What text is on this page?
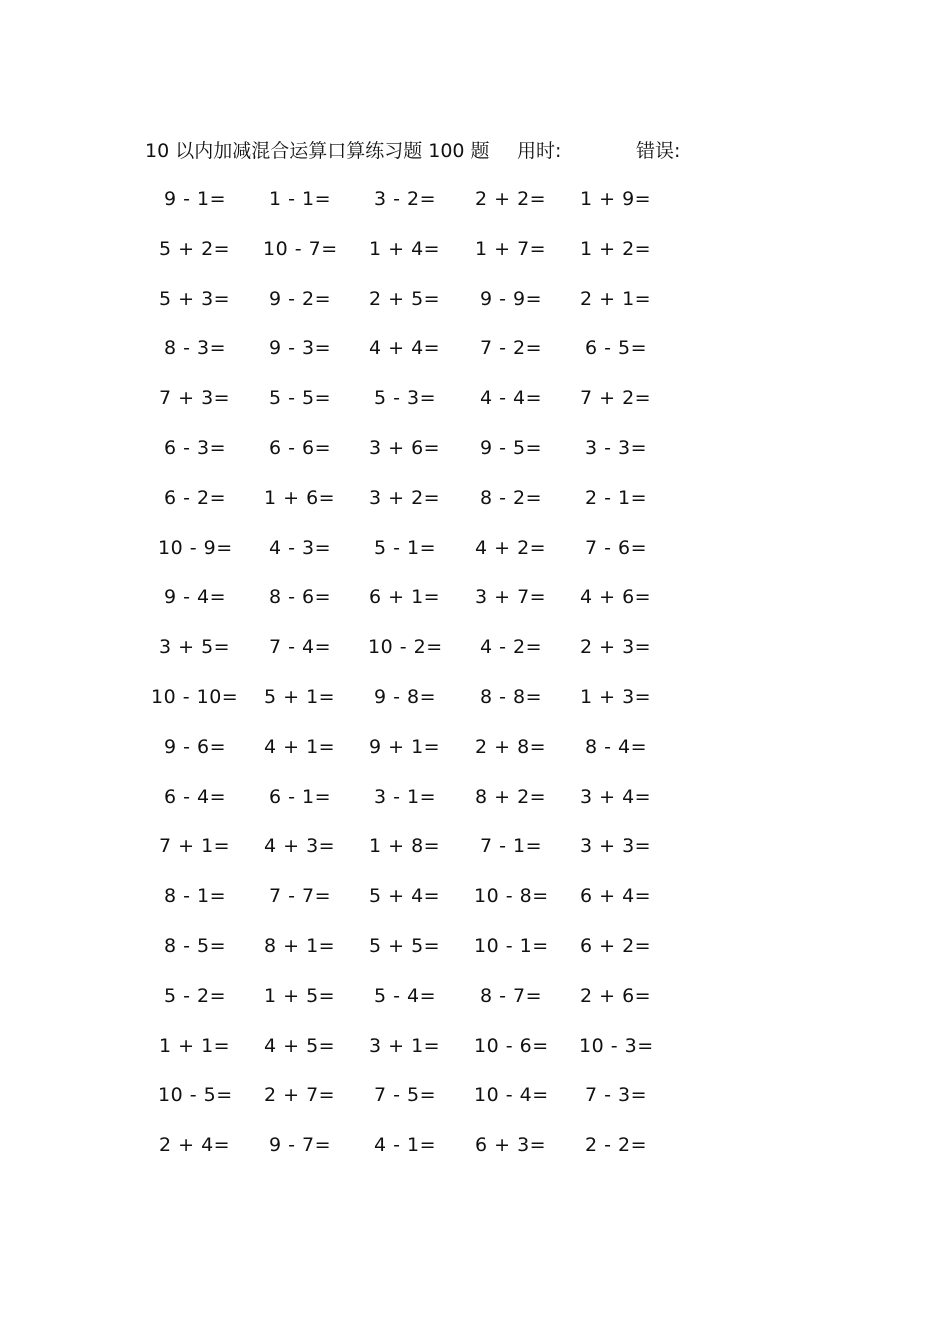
10 以内加减混合运算口算练习题 100 题 用时:	错误:
9 - 1= 1 - 1= 3 - 2= 2 + 2= 1 + 9=
5 + 2= 10 - 7= 1 + 4= 1 + 7= 1 + 2=
5 + 3= 9 - 2= 2 + 5= 9 - 9= 2 + 1=
8 - 3= 9 - 3= 4 + 4= 7 - 2= 6 - 5=
7 + 3= 5 - 5= 5 - 3= 4 - 4= 7 + 2=
6 - 3= 6 - 6= 3 + 6= 9 - 5= 3 - 3=
6 - 2= 1 + 6= 3 + 2= 8 - 2= 2 - 1=
10 - 9= 4 - 3= 5 - 1= 4 + 2= 7 - 6=
9 - 4= 8 - 6= 6 + 1= 3 + 7= 4 + 6=
3 + 5= 7 - 4= 10 - 2= 4 - 2= 2 + 3=
10 - 10= 5 + 1= 9 - 8= 8 - 8= 1 + 3=
9 - 6= 4 + 1= 9 + 1= 2 + 8= 8 - 4=
6 - 4= 6 - 1= 3 - 1= 8 + 2= 3 + 4=
7 + 1= 4 + 3= 1 + 8= 7 - 1= 3 + 3=
8 - 1= 7 - 7= 5 + 4= 10 - 8= 6 + 4=
8 - 5= 8 + 1= 5 + 5= 10 - 1= 6 + 2=
5 - 2= 1 + 5= 5 - 4= 8 - 7= 2 + 6=
1 + 1= 4 + 5= 3 + 1= 10 - 6= 10 - 3=
10 - 5= 2 + 7= 7 - 5= 10 - 4= 7 - 3=
2 + 4= 9 - 7= 4 - 1= 6 + 3= 2 - 2=
